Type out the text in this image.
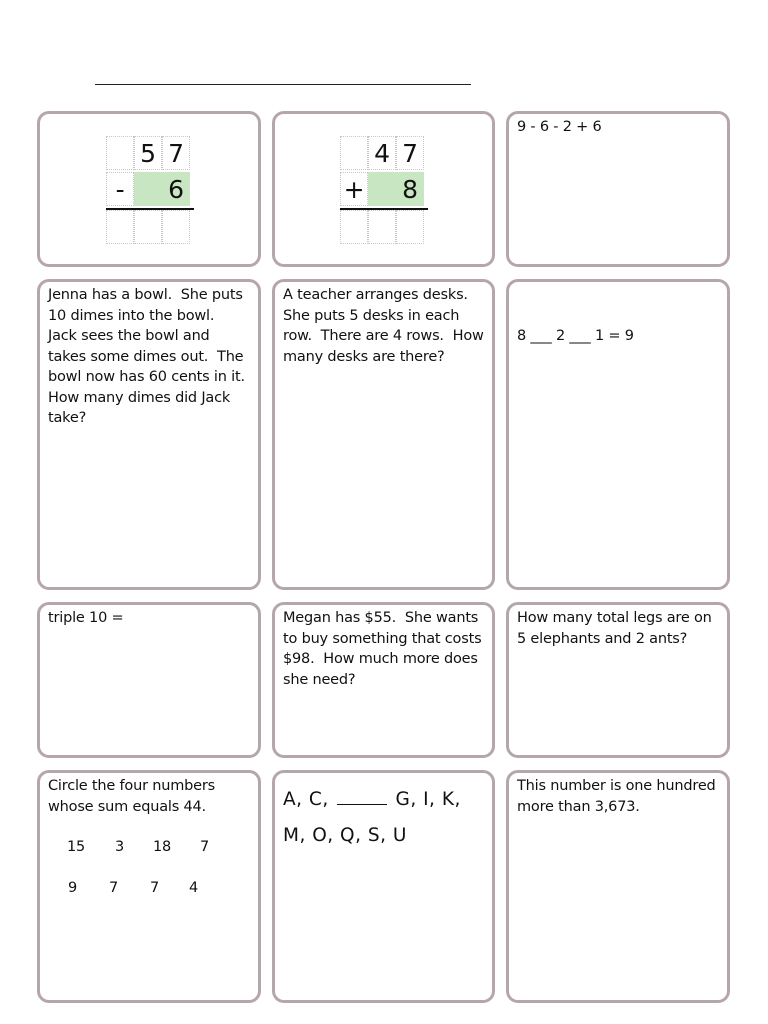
5 7
-	6
4 7
+ 8
9 - 6 - 2 + 6
Jenna has a bowl.  She puts 10 dimes into the bowl.  Jack sees the bowl and takes some dimes out.  The bowl now has 60 cents in it.  How many dimes did Jack take?
A teacher arranges desks.  She puts 5 desks in each row.  There are 4 rows.  How many desks are there?
8 ___ 2 ___ 1 = 9
triple 10 =	Megan has $55.  She wants to buy something that costs $98.  How much more does she need?
How many total legs are on 5 elephants and 2 ants?
Circle the four numbers whose sum equals 44.
15 3 18 7
9 7 7 4
A, C,	G, I, K,
M, O, Q, S, U
This number is one hundred more than 3,673.
